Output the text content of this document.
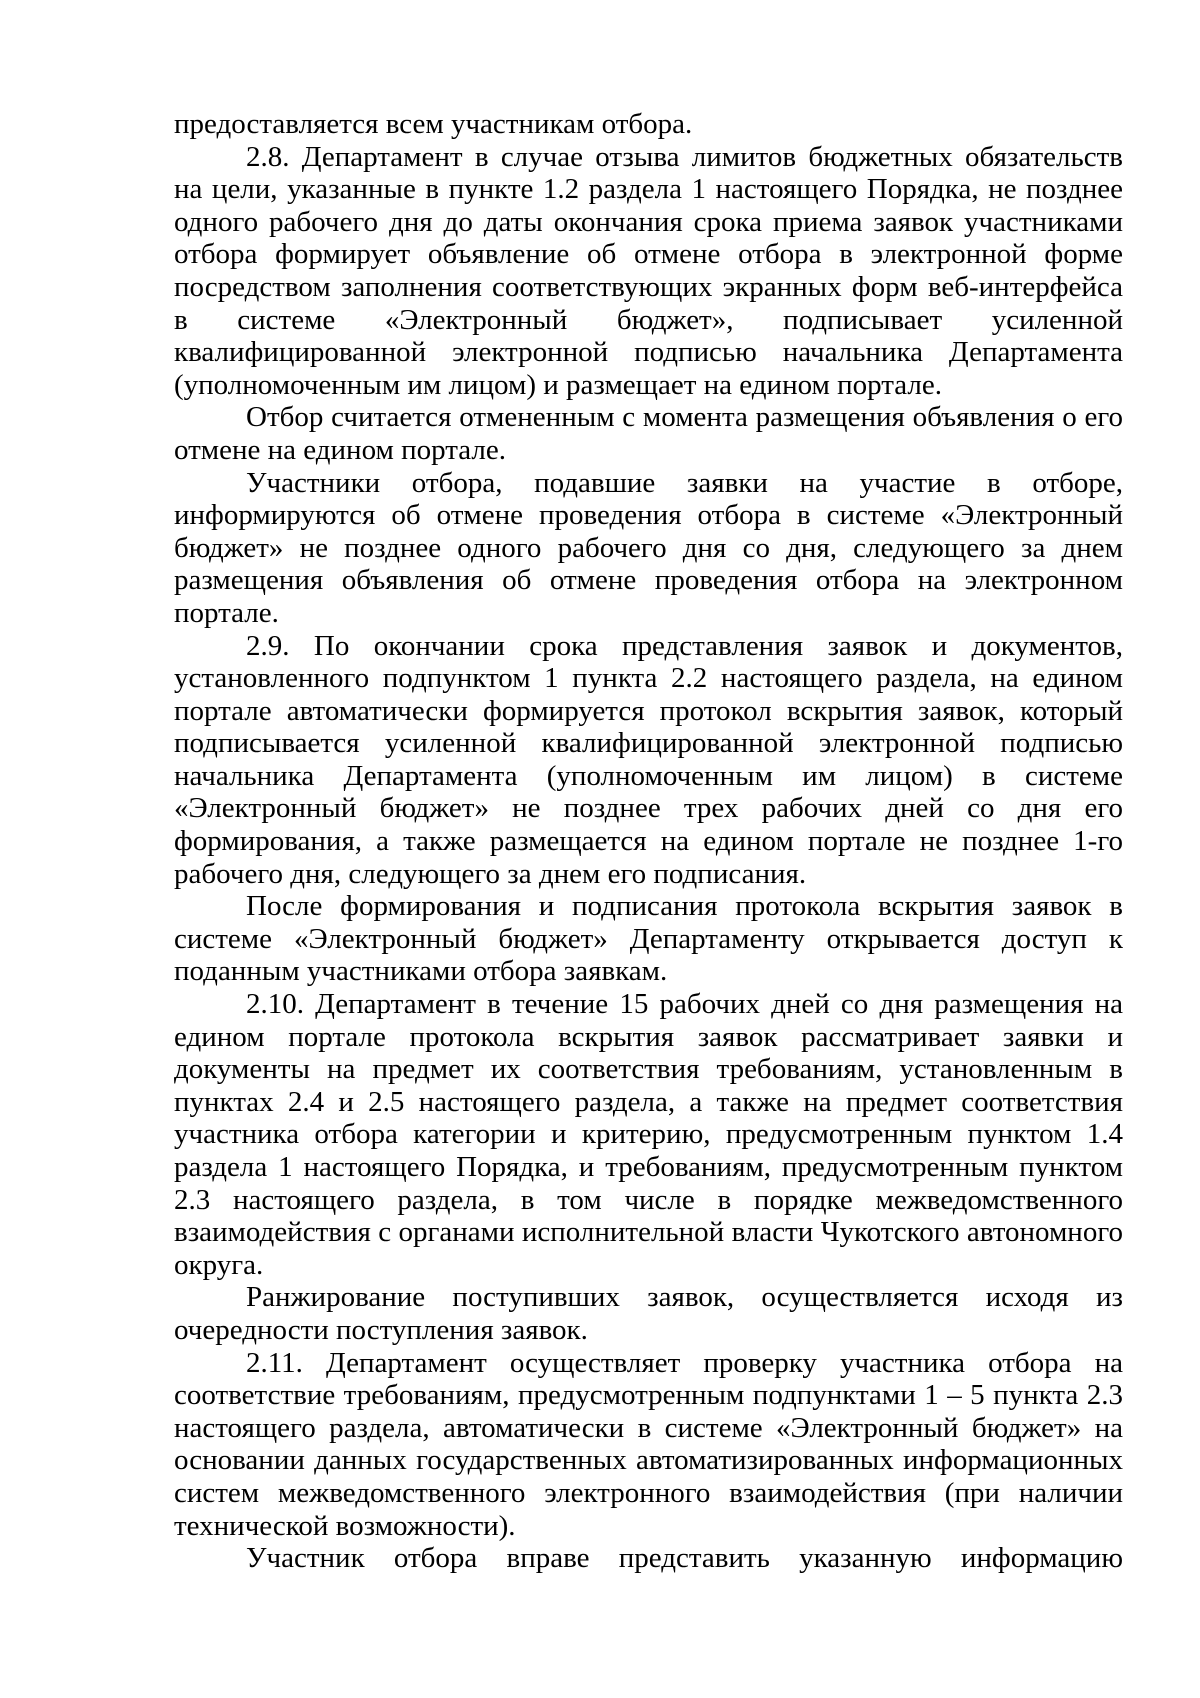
предоставляется всем участникам отбора.

2.8. Департамент в случае отзыва лимитов бюджетных обязательств на цели, указанные в пункте 1.2 раздела 1 настоящего Порядка, не позднее одного рабочего дня до даты окончания срока приема заявок участниками отбора формирует объявление об отмене отбора в электронной форме посредством заполнения соответствующих экранных форм веб-интерфейса в системе «Электронный бюджет», подписывает усиленной квалифицированной электронной подписью начальника Департамента (уполномоченным им лицом) и размещает на едином портале.

Отбор считается отмененным с момента размещения объявления о его отмене на едином портале.

Участники отбора, подавшие заявки на участие в отборе, информируются об отмене проведения отбора в системе «Электронный бюджет» не позднее одного рабочего дня со дня, следующего за днем размещения объявления об отмене проведения отбора на электронном портале.

2.9. По окончании срока представления заявок и документов, установленного подпунктом 1 пункта 2.2 настоящего раздела, на едином портале автоматически формируется протокол вскрытия заявок, который подписывается усиленной квалифицированной электронной подписью начальника Департамента (уполномоченным им лицом) в системе «Электронный бюджет» не позднее трех рабочих дней со дня его формирования, а также размещается на едином портале не позднее 1-го рабочего дня, следующего за днем его подписания.

После формирования и подписания протокола вскрытия заявок в системе «Электронный бюджет» Департаменту открывается доступ к поданным участниками отбора заявкам.

2.10. Департамент в течение 15 рабочих дней со дня размещения на едином портале протокола вскрытия заявок рассматривает заявки и документы на предмет их соответствия требованиям, установленным в пунктах 2.4 и 2.5 настоящего раздела, а также на предмет соответствия участника отбора категории и критерию, предусмотренным пунктом 1.4 раздела 1 настоящего Порядка, и требованиям, предусмотренным пунктом 2.3 настоящего раздела, в том числе в порядке межведомственного взаимодействия с органами исполнительной власти Чукотского автономного округа.

Ранжирование поступивших заявок, осуществляется исходя из очередности поступления заявок.

2.11. Департамент осуществляет проверку участника отбора на соответствие требованиям, предусмотренным подпунктами 1 – 5 пункта 2.3 настоящего раздела, автоматически в системе «Электронный бюджет» на основании данных государственных автоматизированных информационных систем межведомственного электронного взаимодействия (при наличии технической возможности).

Участник отбора вправе представить указанную информацию
